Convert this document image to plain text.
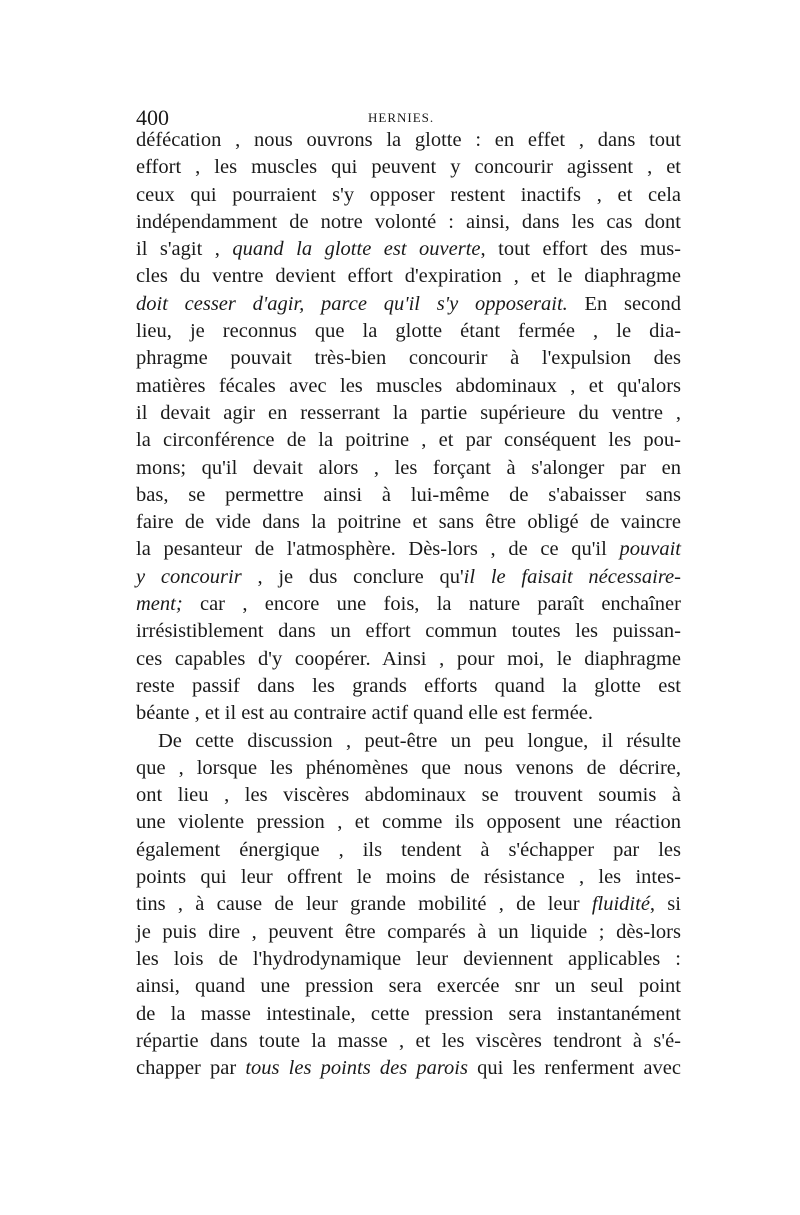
400	HERNIES.
défécation , nous ouvrons la glotte : en effet , dans tout
effort , les muscles qui peuvent y concourir agissent , et
ceux qui pourraient s'y opposer restent inactifs , et cela
indépendamment de notre volonté : ainsi, dans les cas dont
il s'agit , quand la glotte est ouverte, tout effort des mus-
cles du ventre devient effort d'expiration , et le diaphragme
doit cesser d'agir, parce qu'il s'y opposerait. En second
lieu, je reconnus que la glotte étant fermée , le dia-
phragme pouvait très-bien concourir à l'expulsion des
matières fécales avec les muscles abdominaux , et qu'alors
il devait agir en resserrant la partie supérieure du ventre ,
la circonférence de la poitrine , et par conséquent les pou-
mons; qu'il devait alors , les forçant à s'alonger par en
bas, se permettre ainsi à lui-même de s'abaisser sans
faire de vide dans la poitrine et sans être obligé de vaincre
la pesanteur de l'atmosphère. Dès-lors , de ce qu'il pouvait
y concourir , je dus conclure qu'il le faisait nécessaire-
ment; car , encore une fois, la nature paraît enchaîner
irrésistiblement dans un effort commun toutes les puissan-
ces capables d'y coopérer. Ainsi , pour moi, le diaphragme
reste passif dans les grands efforts quand la glotte est
béante , et il est au contraire actif quand elle est fermée.
De cette discussion , peut-être un peu longue, il résulte
que , lorsque les phénomènes que nous venons de décrire,
ont lieu , les viscères abdominaux se trouvent soumis à
une violente pression , et comme ils opposent une réaction
également énergique , ils tendent à s'échapper par les
points qui leur offrent le moins de résistance , les intes-
tins , à cause de leur grande mobilité , de leur fluidité, si
je puis dire , peuvent être comparés à un liquide ; dès-lors
les lois de l'hydrodynamique leur deviennent applicables :
ainsi, quand une pression sera exercée snr un seul point
de la masse intestinale, cette pression sera instantanément
répartie dans toute la masse , et les viscères tendront à s'é-
chapper par tous les points des parois qui les renferment avec
